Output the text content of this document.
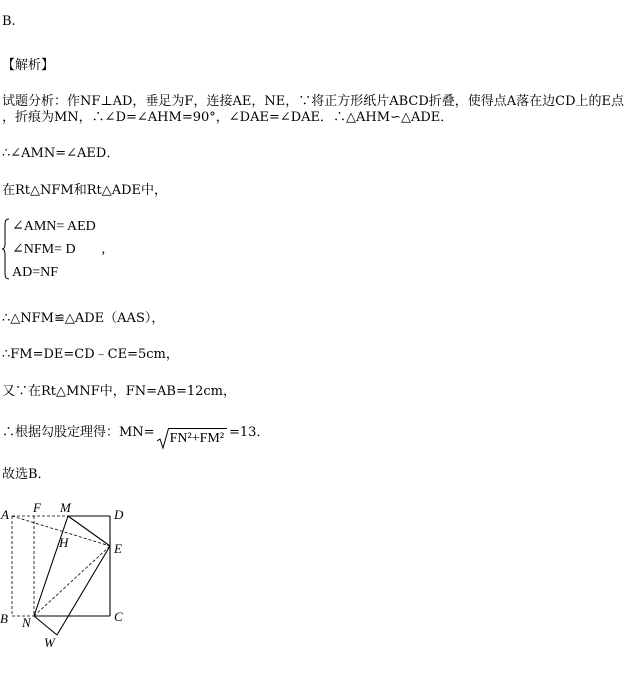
B.
【解析】
试题分析：作NF⊥AD，垂足为F，连接AE，NE，∵将正方形纸片ABCD折叠，使得点A落在边CD上的E点
，折痕为MN，∴∠D=∠AHM=90°，∠DAE=∠DAE．∴△AHM∽△ADE．
∴∠AMN=∠AED．
在Rt△NFM和Rt△ADE中，
∠AMN= AED
∠NFM= D ,
AD=NF
∴△NFM≌△ADE（AAS），
∴FM=DE=CD﹣CE=5cm，
又∵在Rt△MNF中，FN=AB=12cm，
∴根据勾股定理得：MN= FN²+FM² =13．
故选B．
A F M	D
H	E
B N	C
W
